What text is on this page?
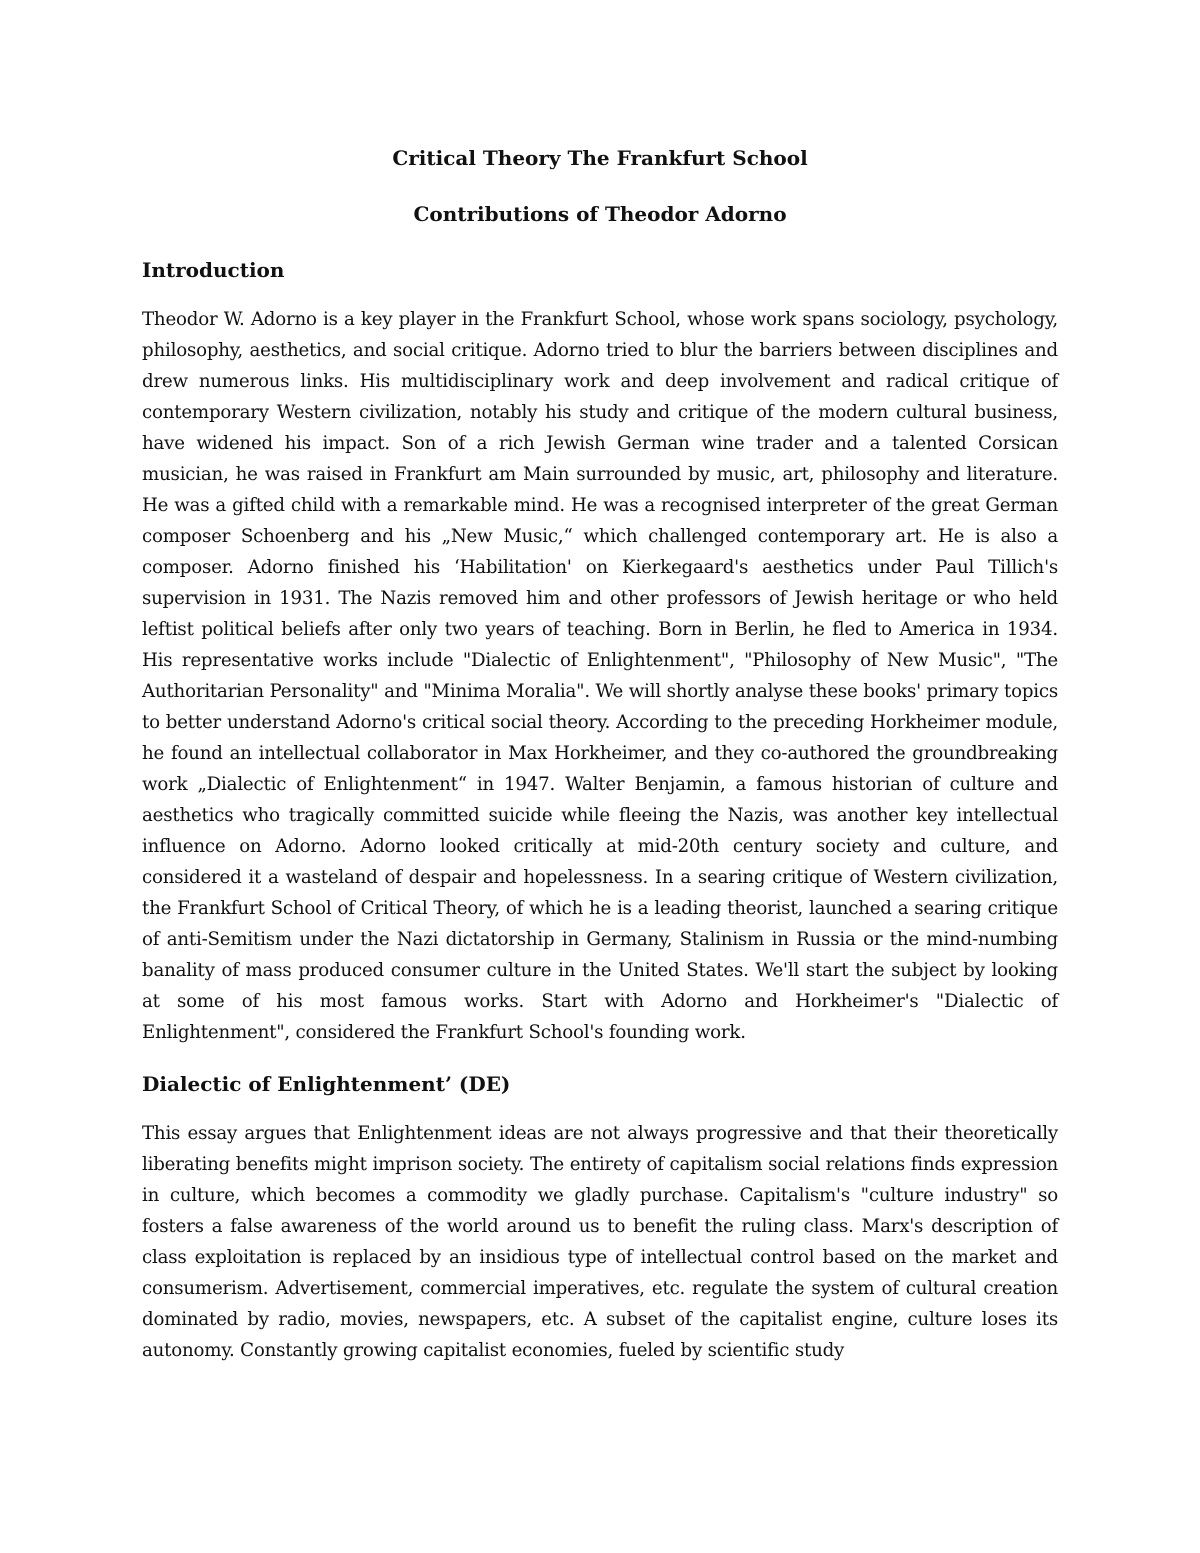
Critical Theory The Frankfurt School
Contributions of Theodor Adorno
Introduction

Theodor W. Adorno is a key player in the Frankfurt School, whose work spans sociology, psychology, philosophy, aesthetics, and social critique. Adorno tried to blur the barriers between disciplines and drew numerous links. His multidisciplinary work and deep involvement and radical critique of contemporary Western civilization, notably his study and critique of the modern cultural business, have widened his impact. Son of a rich Jewish German wine trader and a talented Corsican musician, he was raised in Frankfurt am Main surrounded by music, art, philosophy and literature. He was a gifted child with a remarkable mind. He was a recognised interpreter of the great German composer Schoenberg and his „New Music,“ which challenged contemporary art. He is also a composer. Adorno finished his ‘Habilitation' on Kierkegaard's aesthetics under Paul Tillich's supervision in 1931. The Nazis removed him and other professors of Jewish heritage or who held leftist political beliefs after only two years of teaching. Born in Berlin, he fled to America in 1934. His representative works include "Dialectic of Enlightenment", "Philosophy of New Music", "The Authoritarian Personality" and "Minima Moralia". We will shortly analyse these books' primary topics to better understand Adorno's critical social theory. According to the preceding Horkheimer module, he found an intellectual collaborator in Max Horkheimer, and they co-authored the groundbreaking work „Dialectic of Enlightenment“ in 1947. Walter Benjamin, a famous historian of culture and aesthetics who tragically committed suicide while fleeing the Nazis, was another key intellectual influence on Adorno. Adorno looked critically at mid-20th century society and culture, and considered it a wasteland of despair and hopelessness. In a searing critique of Western civilization, the Frankfurt School of Critical Theory, of which he is a leading theorist, launched a searing critique of anti-Semitism under the Nazi dictatorship in Germany, Stalinism in Russia or the mind-numbing banality of mass produced consumer culture in the United States. We'll start the subject by looking at some of his most famous works. Start with Adorno and Horkheimer's "Dialectic of Enlightenment", considered the Frankfurt School's founding work.

Dialectic of Enlightenment’ (DE)

This essay argues that Enlightenment ideas are not always progressive and that their theoretically liberating benefits might imprison society. The entirety of capitalism social relations finds expression in culture, which becomes a commodity we gladly purchase. Capitalism's "culture industry" so fosters a false awareness of the world around us to benefit the ruling class. Marx's description of class exploitation is replaced by an insidious type of intellectual control based on the market and consumerism. Advertisement, commercial imperatives, etc. regulate the system of cultural creation dominated by radio, movies, newspapers, etc. A subset of the capitalist engine, culture loses its autonomy. Constantly growing capitalist economies, fueled by scientific study
